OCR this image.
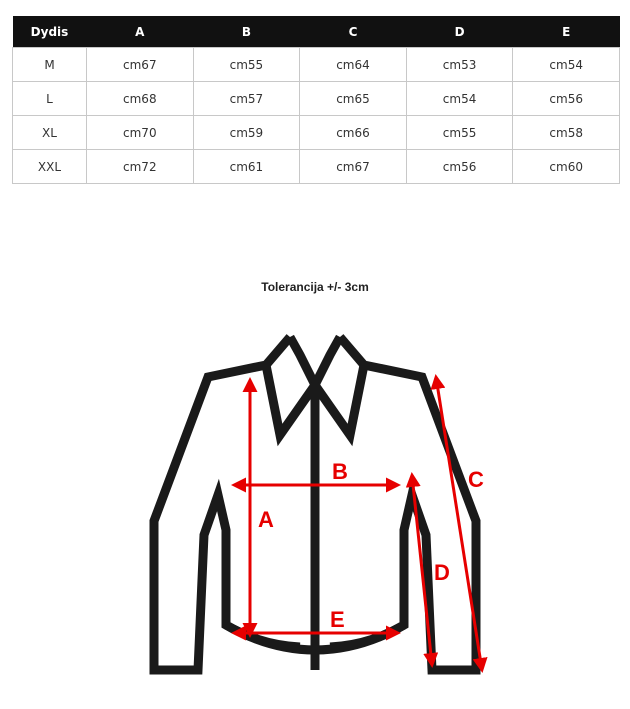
Dydis	A	B	C	D	E
M	cm67	cm55	cm64	cm53	cm54
L	cm68	cm57	cm65	cm54	cm56
XL	cm70	cm59	cm66	cm55	cm58
XXL	cm72	cm61	cm67	cm56	cm60
Tolerancija +/- 3cm
A
B	C
D
E
